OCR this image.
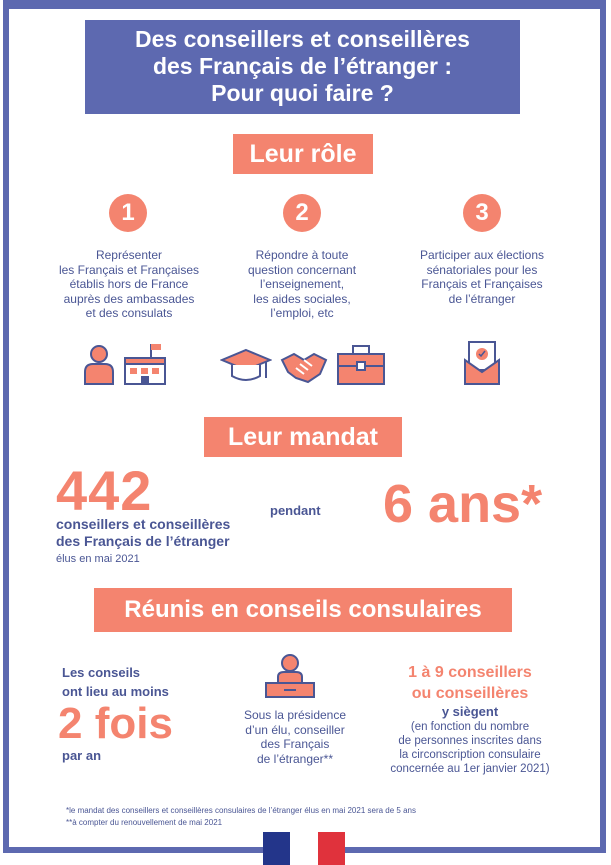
Des conseillers et conseillères
des Français de l’étranger :
Pour quoi faire ?
Leur rôle
1	2	3
Représenter
les Français et Françaises
établis hors de France
auprès des ambassades
et des consulats
Répondre à toute
question concernant
l’enseignement,
les aides sociales,
l’emploi, etc
Participer aux élections
sénatoriales pour les
Français et Françaises
de l’étranger
Leur mandat
442
conseillers et conseillères
des Français de l’étranger
élus en mai 2021
pendant 6 ans*
Réunis en conseils consulaires
Les conseils
ont lieu au moins
2 fois
par an
Sous la présidence
d’un élu, conseiller
des Français
de l’étranger**
1 à 9 conseillers
ou conseillères
y siègent
(en fonction du nombre
de personnes inscrites dans
la circonscription consulaire
concernée au 1er janvier 2021)
*le mandat des conseillers et conseillères consulaires de l’étranger élus en mai 2021 sera de 5 ans
**à compter du renouvellement de mai 2021
